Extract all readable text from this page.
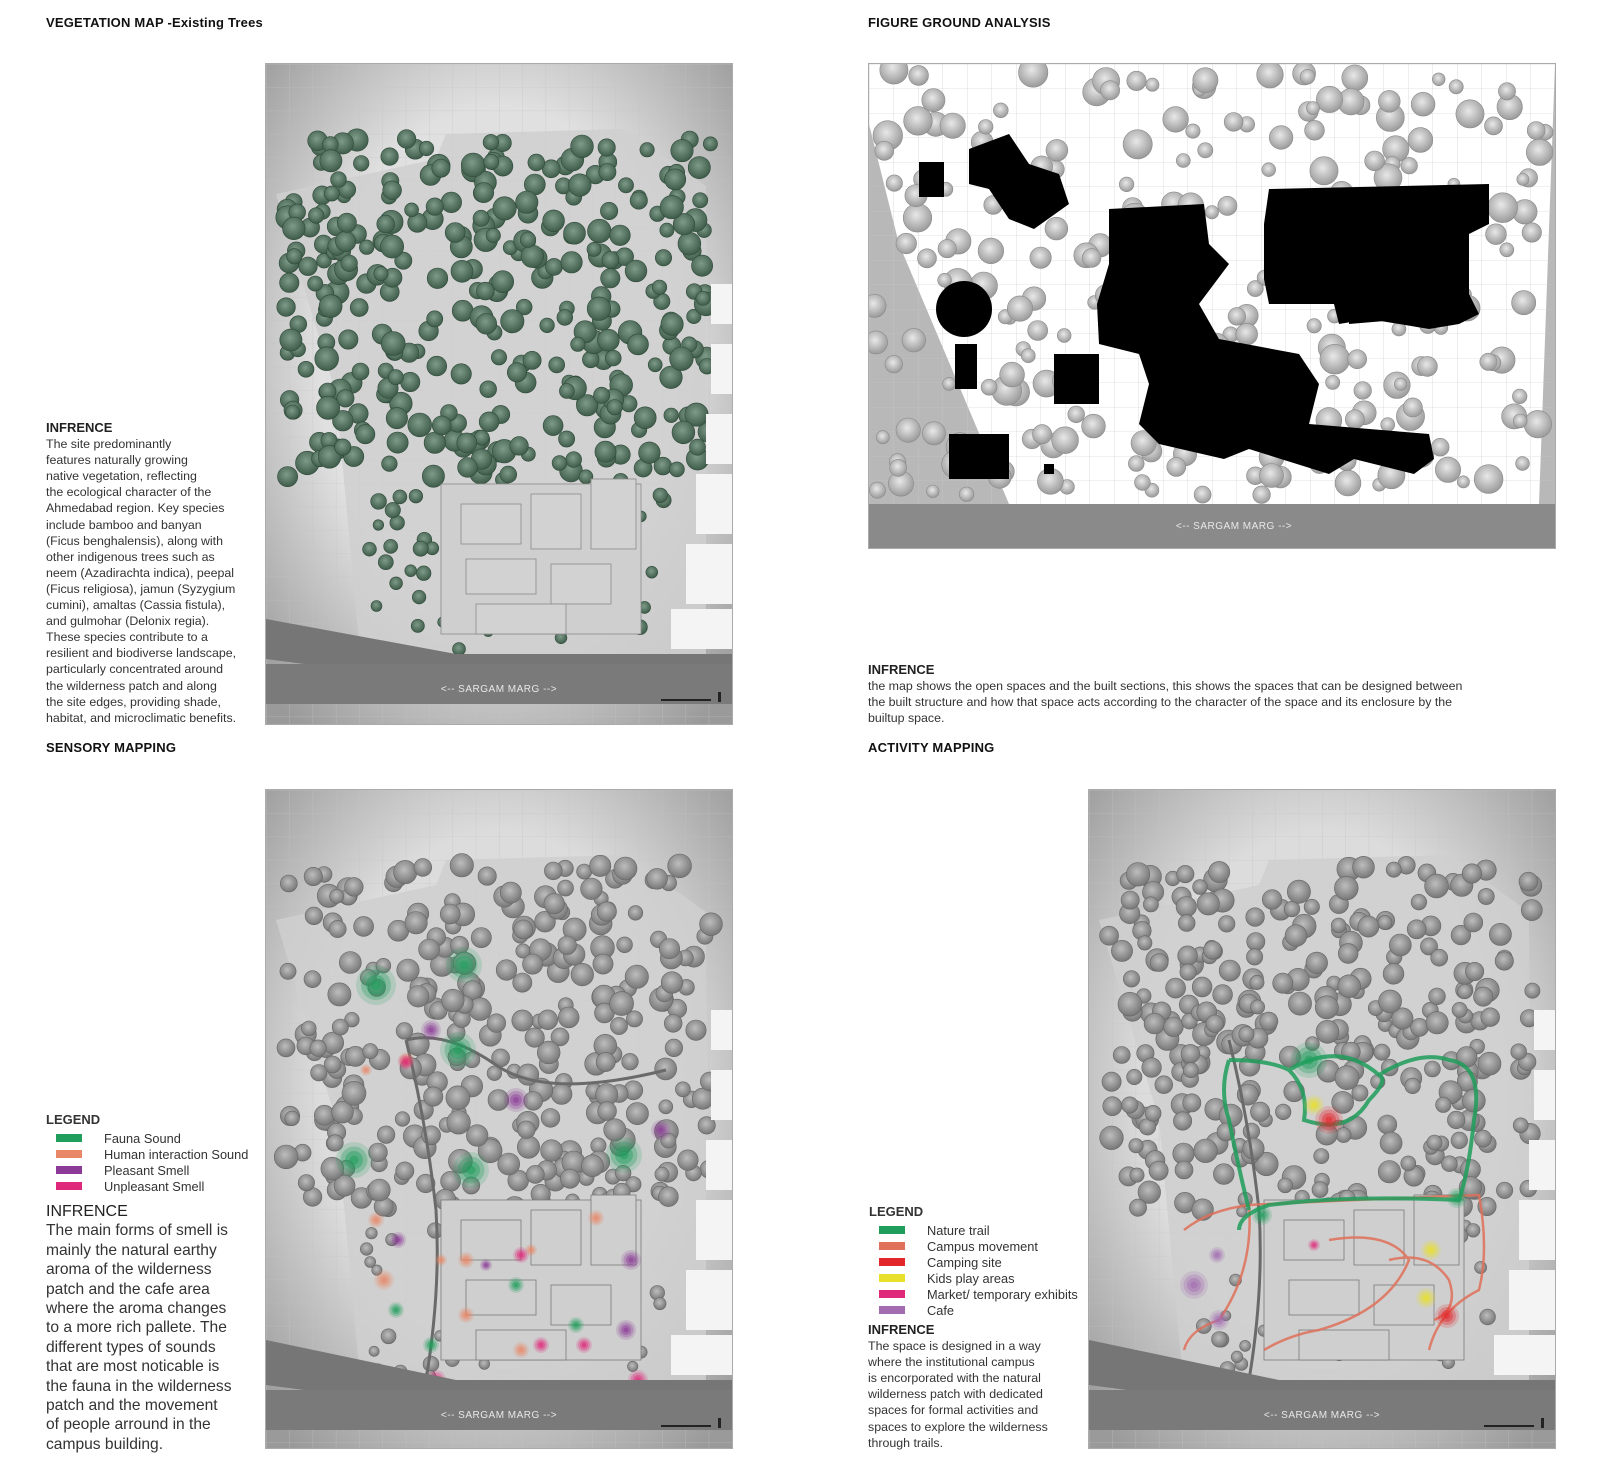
VEGETATION MAP -Existing Trees	FIGURE GROUND ANALYSIS
SENSORY MAPPING	ACTIVITY MAPPING
<-- SARGAM MARG -->
INFRENCE
The site predominantly
features naturally growing
native vegetation, reflecting
the ecological character of the
Ahmedabad region. Key species
include bamboo and banyan
(Ficus benghalensis), along with
other indigenous trees such as
neem (Azadirachta indica), peepal
(Ficus religiosa), jamun (Syzygium
cumini), amaltas (Cassia fistula),
and gulmohar (Delonix regia).
These species contribute to a
resilient and biodiverse landscape,
particularly concentrated around
the wilderness patch and along
the site edges, providing shade,
habitat, and microclimatic benefits.
<-- SARGAM MARG -->
INFRENCE
the map shows the open spaces and the built sections, this shows the spaces that can be designed between
the built structure and how that space acts according to the character of the space and its enclosure by the
builtup space.
<-- SARGAM MARG -->
LEGEND
Fauna Sound
Human interaction Sound
Pleasant Smell
Unpleasant Smell
INFRENCE
The main forms of smell is
mainly the natural earthy
aroma of the wilderness
patch and the cafe area
where the aroma changes
to a more rich pallete. The
different types of sounds
that are most noticable is
the fauna in the wilderness
patch and the movement
of people arround in the
campus building.
<-- SARGAM MARG -->
LEGEND
Nature trail
Campus movement
Camping site
Kids play areas
Market/ temporary exhibits
Cafe
INFRENCE
The space is designed in a way
where the institutional campus
is encorporated with the natural
wilderness patch with dedicated
spaces for formal activities and
spaces to explore the wilderness
through trails.
